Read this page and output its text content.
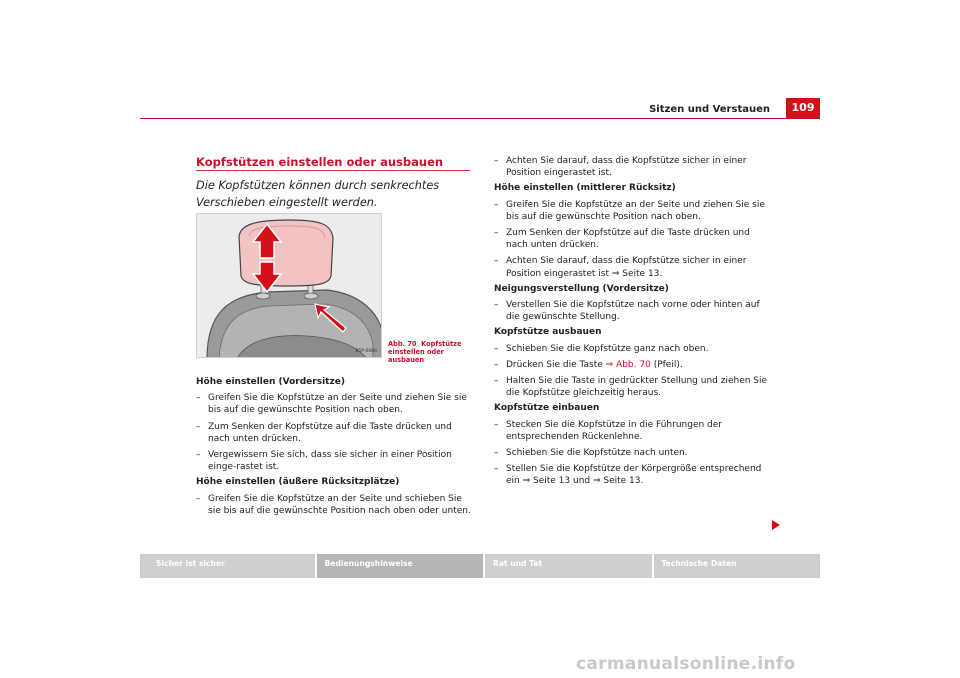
Sitzen und Verstauen	109
Kopfstützen einstellen oder ausbauen
Die Kopfstützen können durch senkrechtes Verschieben eingestellt werden.
B5P-0066
Abb. 70 Kopfstütze einstellen oder ausbauen

Höhe einstellen (Vordersitze)

– Greifen Sie die Kopfstütze an der Seite und ziehen Sie sie bis auf die gewünschte Position nach oben.
– Zum Senken der Kopfstütze auf die Taste drücken und nach unten drücken.
– Vergewissern Sie sich, dass sie sicher in einer Position einge-rastet ist.

Höhe einstellen (äußere Rücksitzplätze)

– Greifen Sie die Kopfstütze an der Seite und schieben Sie sie bis auf die gewünschte Position nach oben oder unten.
– Achten Sie darauf, dass die Kopfstütze sicher in einer Position eingerastet ist.

Höhe einstellen (mittlerer Rücksitz)

– Greifen Sie die Kopfstütze an der Seite und ziehen Sie sie bis auf die gewünschte Position nach oben.
– Zum Senken der Kopfstütze auf die Taste drücken und nach unten drücken.
– Achten Sie darauf, dass die Kopfstütze sicher in einer Position eingerastet ist ⇒ Seite 13.

Neigungsverstellung (Vordersitze)

– Verstellen Sie die Kopfstütze nach vorne oder hinten auf die gewünschte Stellung.

Kopfstütze ausbauen

– Schieben Sie die Kopfstütze ganz nach oben.
– Drücken Sie die Taste ⇒ Abb. 70 (Pfeil).
– Halten Sie die Taste in gedrückter Stellung und ziehen Sie die Kopfstütze gleichzeitig heraus.

Kopfstütze einbauen

– Stecken Sie die Kopfstütze in die Führungen der entsprechenden Rückenlehne.
– Schieben Sie die Kopfstütze nach unten.
– Stellen Sie die Kopfstütze der Körpergröße entsprechend ein ⇒ Seite 13 und ⇒ Seite 13.
Sicher ist sicher	Bedienungshinweise	Rat und Tat	Technische Daten
carmanualsonline.info
